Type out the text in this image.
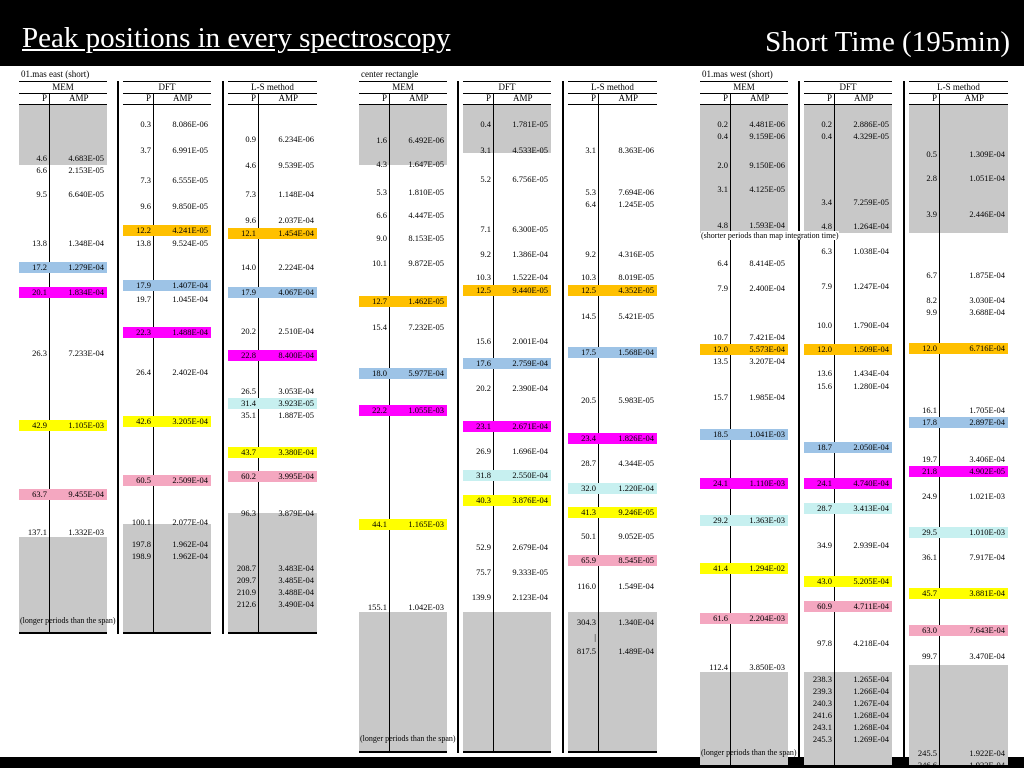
Peak positions in every spectroscopy	Short Time (195min)
01.mas east (short)
MEM
P AMP
4.6	4.683E-05
6.6	2.153E-05
9.5	6.640E-05
13.8	1.348E-04
17.2	1.279E-04
20.1	1.834E-04
26.3	7.233E-04
42.9	1.105E-03
63.7	9.455E-04
137.1	1.332E-03
DFT
P AMP
0.3	8.086E-06
3.7	6.991E-05
7.3	6.555E-05
9.6	9.850E-05
12.2	4.241E-05
13.8	9.524E-05
17.9	1.407E-04
19.7	1.045E-04
22.3	1.488E-04
26.4	2.402E-04
42.6	3.205E-04
60.5	2.509E-04
100.1	2.077E-04
197.8	1.962E-04
198.9	1.962E-04
L-S method
P	AMP
0.9	6.234E-06
4.6	9.539E-05
7.3	1.148E-04
9.6	2.037E-04
12.1	1.454E-04
14.0	2.224E-04
17.9	4.067E-04
20.2	2.510E-04
22.8	8.400E-04
26.5	3.053E-04
31.4	3.923E-05
35.1	1.887E-05
43.7	3.380E-04
60.2	3.995E-04
96.3	3.879E-04
208.7	3.483E-04
209.7	3.485E-04
210.9	3.488E-04
212.6	3.490E-04
(longer periods than the span)
center rectangle
MEM
P AMP
1.6	6.492E-06
4.3	1.647E-05
5.3	1.810E-05
6.6	4.447E-05
9.0	8.153E-05
10.1	9.872E-05
12.7	1.462E-05
15.4	7.232E-05
18.0	5.977E-04
22.2	1.055E-03
44.1	1.165E-03
155.1	1.042E-03
DFT
P AMP
0.4	1.781E-05
3.1	4.533E-05
5.2	6.756E-05
7.1	6.300E-05
9.2	1.386E-04
10.3	1.522E-04
12.5	9.440E-05
15.6	2.001E-04
17.6	2.759E-04
20.2	2.390E-04
23.1	2.671E-04
26.9	1.696E-04
31.8	2.550E-04
40.3	3.876E-04
52.9	2.679E-04
75.7	9.333E-05
139.9	2.123E-04
L-S method
P	AMP
3.1	8.363E-06
5.3	7.694E-06
6.4	1.245E-05
9.2	4.316E-05
10.3	8.019E-05
12.5	4.352E-05
14.5	5.421E-05
17.5	1.568E-04
20.5	5.983E-05
23.4	1.826E-04
28.7	4.344E-05
32.0	1.220E-04
41.3	9.246E-05
50.1	9.052E-05
65.9	8.545E-05
116.0	1.549E-04
304.3	1.340E-04
|
817.5	1.489E-04
(longer periods than the span)
01.mas west (short)
MEM
P AMP
0.2	4.481E-06
0.4	9.159E-06
2.0	9.150E-06
3.1	4.125E-05
4.8	1.593E-04
6.4	8.414E-05
7.9	2.400E-04
10.7	7.421E-04
12.0	5.573E-04
13.5	3.207E-04
15.7	1.985E-04
18.5	1.041E-03
24.1	1.110E-03
29.2	1.363E-03
41.4	1.294E-02
61.6	2.204E-03
112.4	3.850E-03
DFT
P AMP
0.2	2.886E-05
0.4	4.329E-05
3.4	7.259E-05
4.8	1.264E-04
6.3	1.038E-04
7.9	1.247E-04
10.0	1.790E-04
12.0	1.509E-04
13.6	1.434E-04
15.6	1.280E-04
18.7	2.050E-04
24.1	4.740E-04
28.7	3.413E-04
34.9	2.939E-04
43.0	5.205E-04
60.9	4.711E-04
97.8	4.218E-04
238.3	1.265E-04
239.3	1.266E-04
240.3	1.267E-04
241.6	1.268E-04
243.1	1.268E-04
245.3	1.269E-04
L-S method
P	AMP
0.5	1.309E-04
2.8	1.051E-04
3.9	2.446E-04
6.7	1.875E-04
8.2	3.030E-04
9.9	3.688E-04
12.0	6.716E-04
16.1	1.705E-04
17.8	2.897E-04
19.7	3.406E-04
21.8	4.902E-05
24.9	1.021E-03
29.5	1.010E-03
36.1	7.917E-04
45.7	3.881E-04
63.0	7.643E-04
99.7	3.470E-04
245.5	1.922E-04
246.6	1.923E-04
(longer periods than the span)
(shorter periods than map integration time)
